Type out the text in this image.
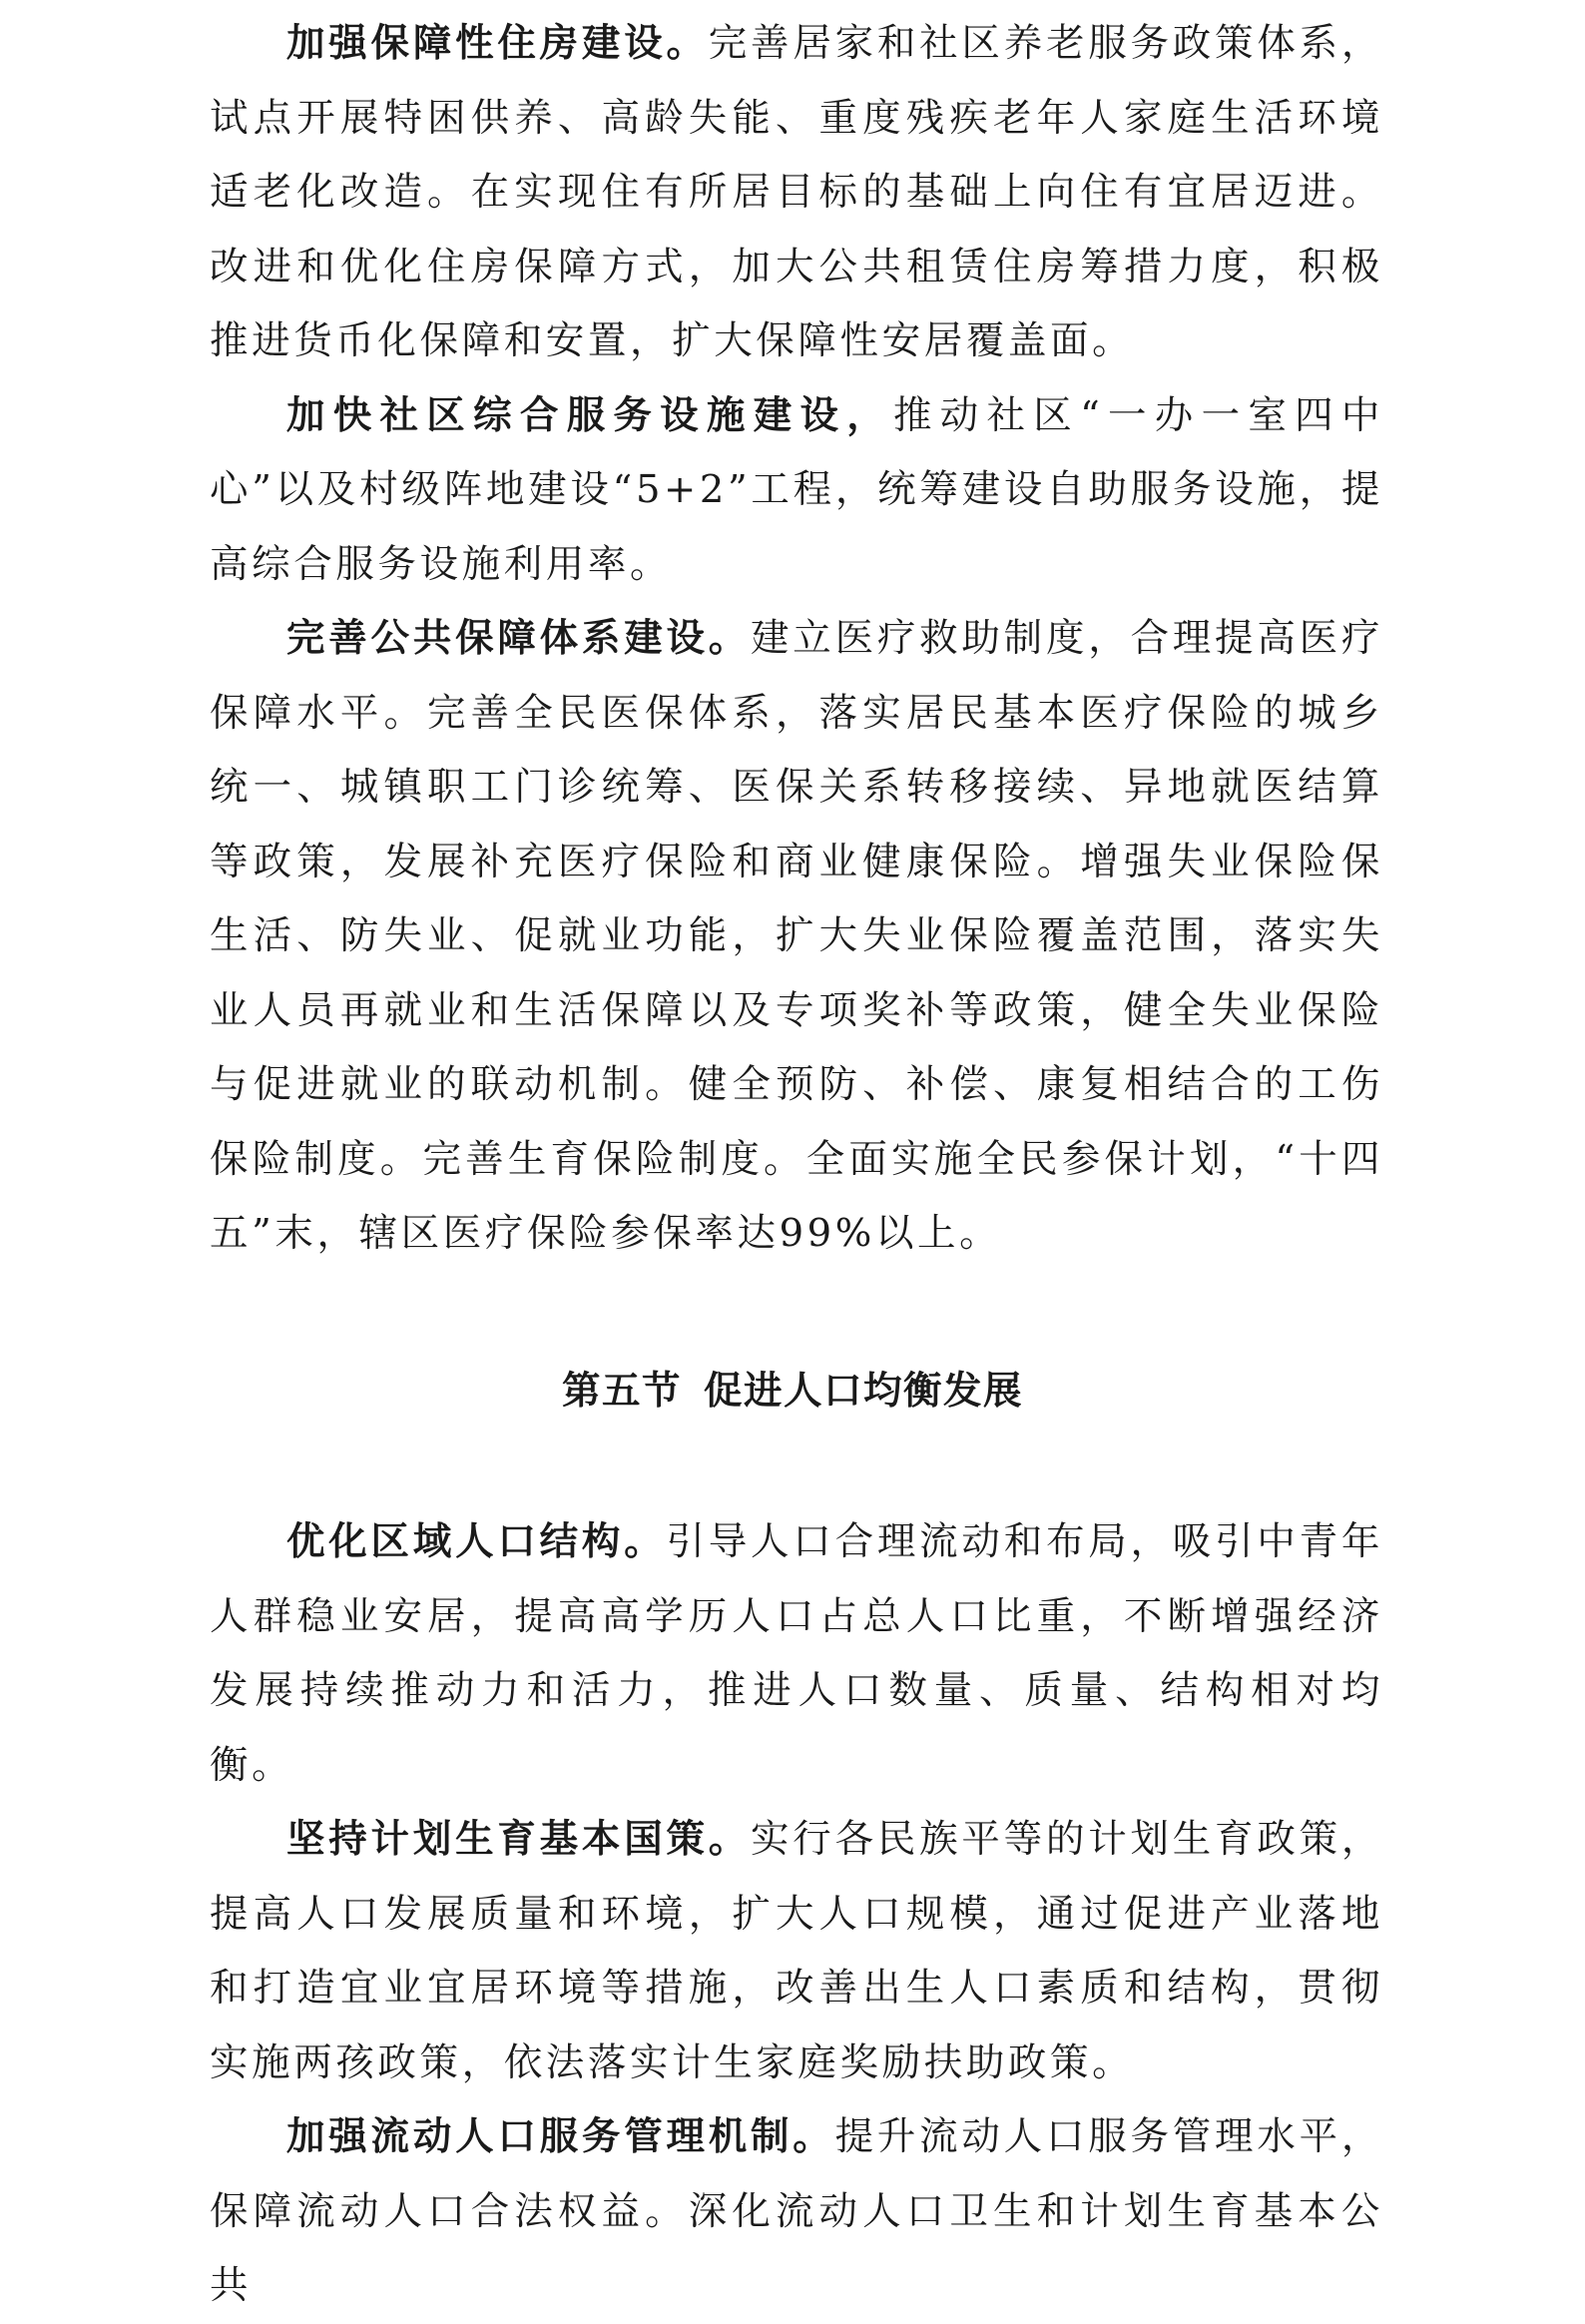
加强保障性住房建设。完善居家和社区养老服务政策体系，试点开展特困供养、高龄失能、重度残疾老年人家庭生活环境适老化改造。在实现住有所居目标的基础上向住有宜居迈进。改进和优化住房保障方式，加大公共租赁住房筹措力度，积极推进货币化保障和安置，扩大保障性安居覆盖面。

加快社区综合服务设施建设，推动社区“一办一室四中心”以及村级阵地建设“5+2”工程，统筹建设自助服务设施，提高综合服务设施利用率。

完善公共保障体系建设。建立医疗救助制度，合理提高医疗保障水平。完善全民医保体系，落实居民基本医疗保险的城乡统一、城镇职工门诊统筹、医保关系转移接续、异地就医结算等政策，发展补充医疗保险和商业健康保险。增强失业保险保生活、防失业、促就业功能，扩大失业保险覆盖范围，落实失业人员再就业和生活保障以及专项奖补等政策，健全失业保险与促进就业的联动机制。健全预防、补偿、康复相结合的工伤保险制度。完善生育保险制度。全面实施全民参保计划，“十四五”末，辖区医疗保险参保率达99%以上。

第五节 促进人口均衡发展

优化区域人口结构。引导人口合理流动和布局，吸引中青年人群稳业安居，提高高学历人口占总人口比重，不断增强经济发展持续推动力和活力，推进人口数量、质量、结构相对均衡。

坚持计划生育基本国策。实行各民族平等的计划生育政策，提高人口发展质量和环境，扩大人口规模，通过促进产业落地和打造宜业宜居环境等措施，改善出生人口素质和结构，贯彻实施两孩政策，依法落实计生家庭奖励扶助政策。

加强流动人口服务管理机制。提升流动人口服务管理水平，保障流动人口合法权益。深化流动人口卫生和计划生育基本公共
